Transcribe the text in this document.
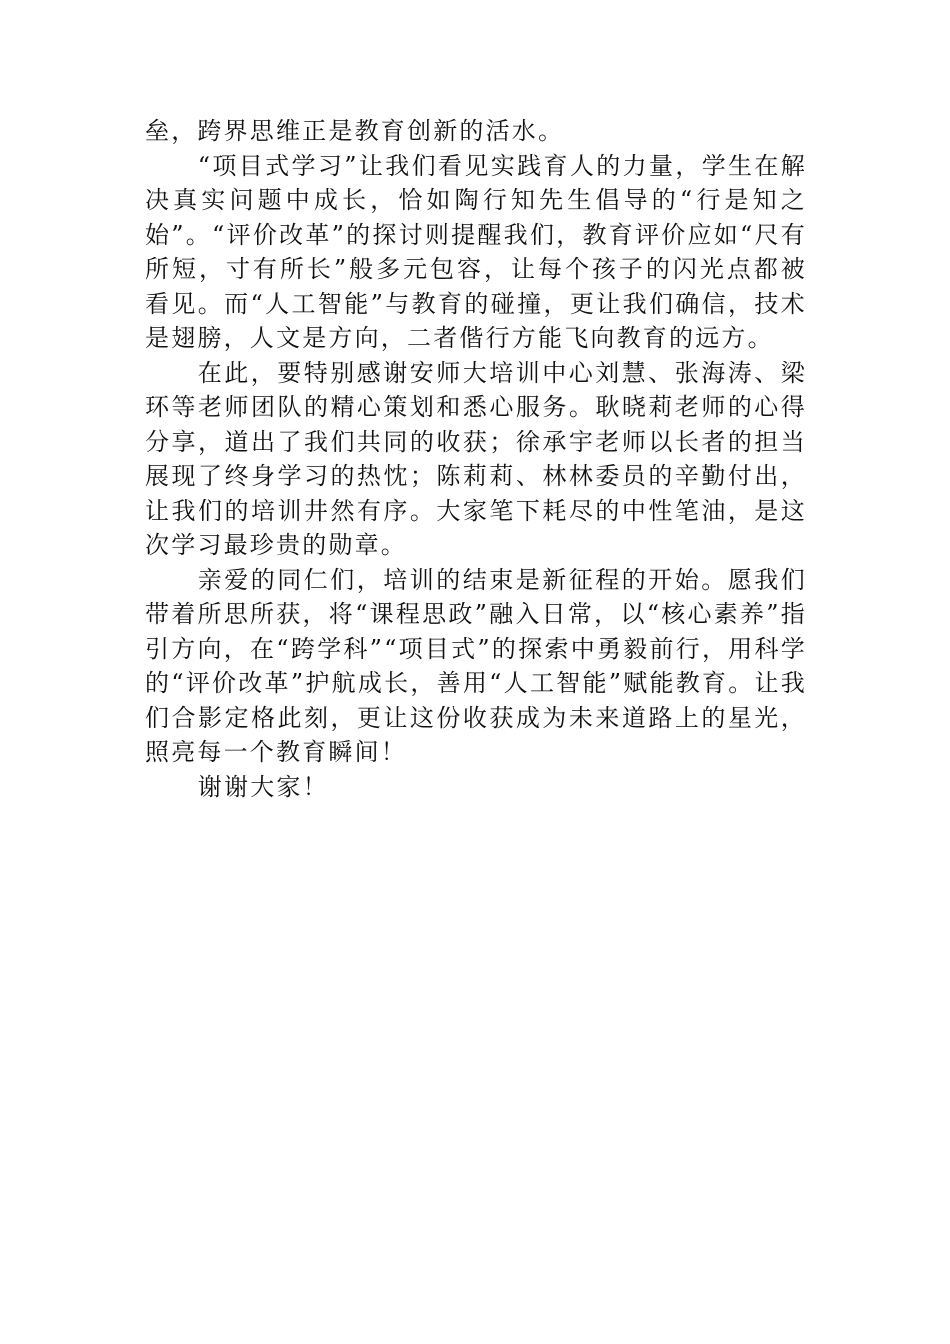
垒，跨界思维正是教育创新的活水。

“项目式学习”让我们看见实践育人的力量，学生在解决真实问题中成长，恰如陶行知先生倡导的“行是知之始”。“评价改革”的探讨则提醒我们，教育评价应如“尺有所短，寸有所长”般多元包容，让每个孩子的闪光点都被看见。而“人工智能”与教育的碰撞，更让我们确信，技术是翅膀，人文是方向，二者偕行方能飞向教育的远方。

在此，要特别感谢安师大培训中心刘慧、张海涛、梁环等老师团队的精心策划和悉心服务。耿晓莉老师的心得分享，道出了我们共同的收获；徐承宇老师以长者的担当展现了终身学习的热忱；陈莉莉、林林委员的辛勤付出，让我们的培训井然有序。大家笔下耗尽的中性笔油，是这次学习最珍贵的勋章。

亲爱的同仁们，培训的结束是新征程的开始。愿我们带着所思所获，将“课程思政”融入日常，以“核心素养”指引方向，在“跨学科”“项目式”的探索中勇毅前行，用科学的“评价改革”护航成长，善用“人工智能”赋能教育。让我们合影定格此刻，更让这份收获成为未来道路上的星光，照亮每一个教育瞬间！

谢谢大家！
